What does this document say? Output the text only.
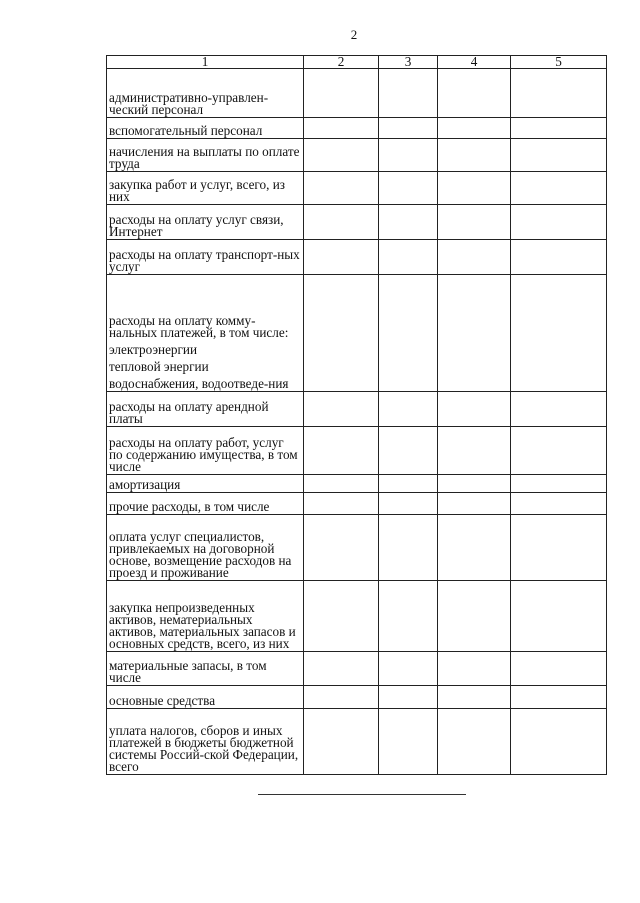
2
1	2	3	4	5

административно-управлен-ческий персонал				

вспомогательный персонал				

начисления на выплаты по оплате труда				

закупка работ и услуг, всего, из них				

расходы на оплату услуг связи, Интернет				

расходы на оплату транспорт-ных услуг				

расходы на оплату комму-нальных платежей, в том числе:
электроэнергии
тепловой энергии
водоснабжения, водоотведе-ния				

расходы на оплату арендной платы				

расходы на оплату работ, услуг по содержанию имущества, в том числе				

амортизация				

прочие расходы, в том числе				

оплата услуг специалистов, привлекаемых на договорной основе, возмещение расходов на проезд и проживание				

закупка непроизведенных активов, нематериальных активов, материальных запасов и основных средств, всего, из них				

материальные запасы, в том числе				

основные средства				

уплата налогов, сборов и иных платежей в бюджеты бюджетной системы Россий-ской Федерации, всего				
